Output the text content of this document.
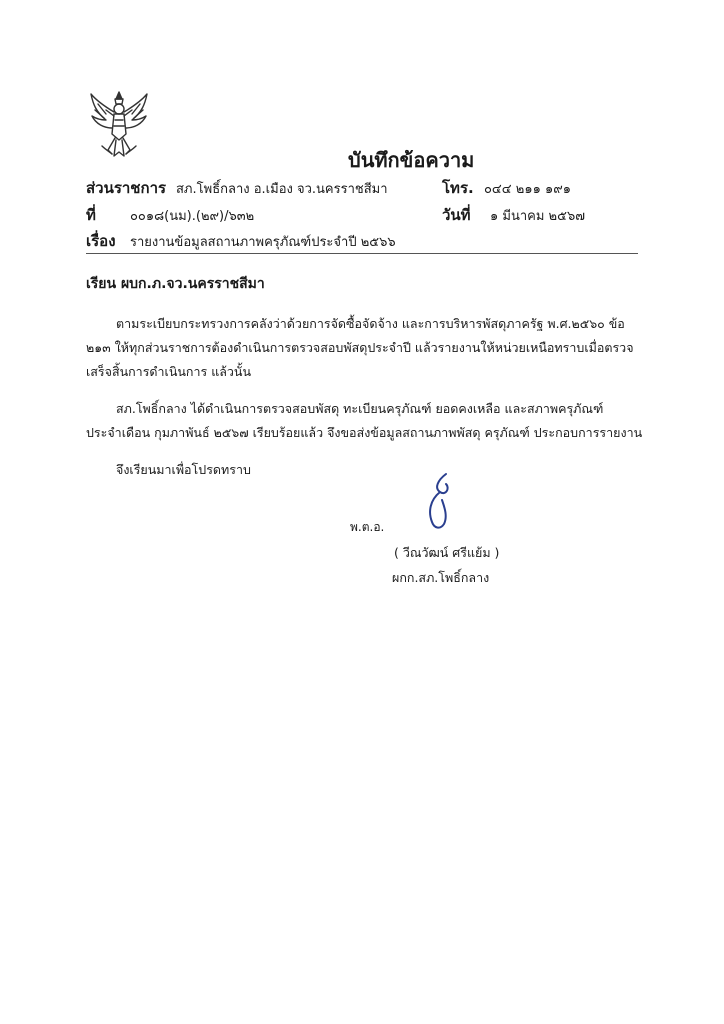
บันทึกข้อความ
ส่วนราชการ สภ.โพธิ์กลาง อ.เมือง จว.นครราชสีมา	โทร. ๐๔๔ ๒๑๑ ๑๙๑
ที่	๐๐๑๘(นม).(๒๙)/๖๓๒	วันที่ ๑ มีนาคม ๒๕๖๗
เรื่อง รายงานข้อมูลสถานภาพครุภัณฑ์ประจำปี ๒๕๖๖
เรียน ผบก.ภ.จว.นครราชสีมา
ตามระเบียบกระทรวงการคลังว่าด้วยการจัดซื้อจัดจ้าง และการบริหารพัสดุภาครัฐ พ.ศ.๒๕๖๐ ข้อ
๒๑๓ ให้ทุกส่วนราชการต้องดำเนินการตรวจสอบพัสดุประจำปี แล้วรายงานให้หน่วยเหนือทราบเมื่อตรวจ
เสร็จสิ้นการดำเนินการ แล้วนั้น
สภ.โพธิ์กลาง ได้ดำเนินการตรวจสอบพัสดุ ทะเบียนครุภัณฑ์ ยอดคงเหลือ และสภาพครุภัณฑ์
ประจำเดือน กุมภาพันธ์ ๒๕๖๗ เรียบร้อยแล้ว จึงขอส่งข้อมูลสถานภาพพัสดุ ครุภัณฑ์ ประกอบการรายงาน
จึงเรียนมาเพื่อโปรดทราบ
พ.ต.อ.
( วีณวัฒน์ ศรีแย้ม )
ผกก.สภ.โพธิ์กลาง
